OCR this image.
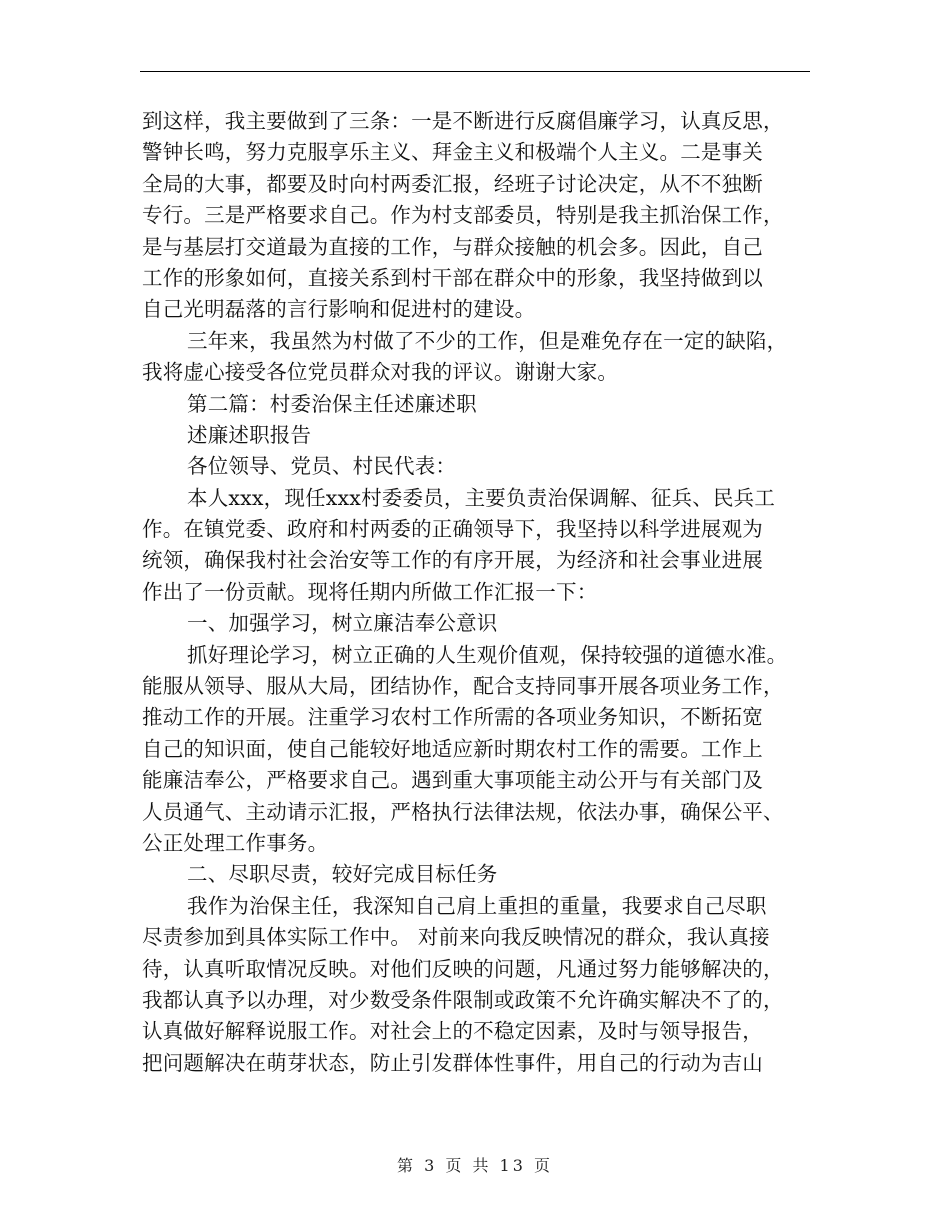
到这样，我主要做到了三条：一是不断进行反腐倡廉学习，认真反思，
警钟长鸣，努力克服享乐主义、拜金主义和极端个人主义。二是事关
全局的大事，都要及时向村两委汇报，经班子讨论决定，从不不独断
专行。三是严格要求自己。作为村支部委员，特别是我主抓治保工作，
是与基层打交道最为直接的工作，与群众接触的机会多。因此，自己
工作的形象如何，直接关系到村干部在群众中的形象，我坚持做到以
自己光明磊落的言行影响和促进村的建设。
三年来，我虽然为村做了不少的工作，但是难免存在一定的缺陷，
我将虚心接受各位党员群众对我的评议。谢谢大家。
第二篇：村委治保主任述廉述职
述廉述职报告
各位领导、党员、村民代表：
本人xxx，现任xxx村委委员，主要负责治保调解、征兵、民兵工
作。在镇党委、政府和村两委的正确领导下，我坚持以科学进展观为
统领，确保我村社会治安等工作的有序开展，为经济和社会事业进展
作出了一份贡献。现将任期内所做工作汇报一下：
一、加强学习，树立廉洁奉公意识
抓好理论学习，树立正确的人生观价值观，保持较强的道德水准。
能服从领导、服从大局，团结协作，配合支持同事开展各项业务工作，
推动工作的开展。注重学习农村工作所需的各项业务知识，不断拓宽
自己的知识面，使自己能较好地适应新时期农村工作的需要。工作上
能廉洁奉公，严格要求自己。遇到重大事项能主动公开与有关部门及
人员通气、主动请示汇报，严格执行法律法规，依法办事，确保公平、
公正处理工作事务。
二、尽职尽责，较好完成目标任务
我作为治保主任，我深知自己肩上重担的重量，我要求自己尽职
尽责参加到具体实际工作中。 对前来向我反映情况的群众，我认真接
待，认真听取情况反映。对他们反映的问题，凡通过努力能够解决的，
我都认真予以办理，对少数受条件限制或政策不允许确实解决不了的，
认真做好解释说服工作。对社会上的不稳定因素，及时与领导报告，
把问题解决在萌芽状态，防止引发群体性事件，用自己的行动为吉山
第 3 页 共 13 页
